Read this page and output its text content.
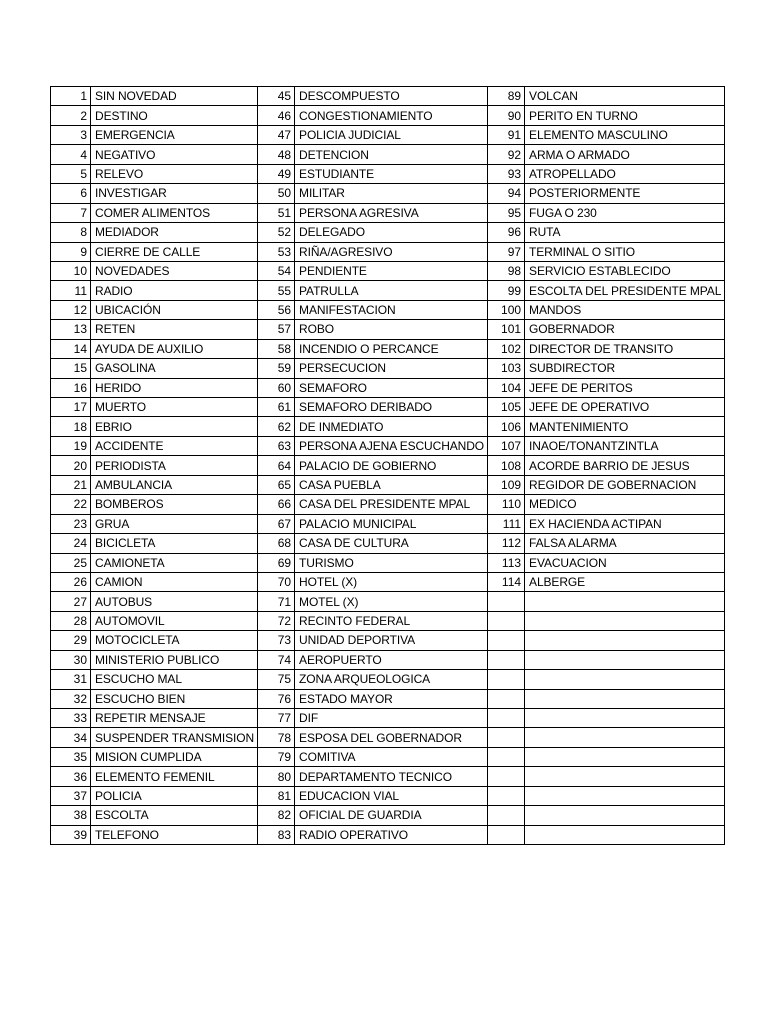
1	SIN NOVEDAD	45	DESCOMPUESTO	89	VOLCAN
2	DESTINO	46	CONGESTIONAMIENTO	90	PERITO EN TURNO
3	EMERGENCIA	47	POLICIA JUDICIAL	91	ELEMENTO MASCULINO
4	NEGATIVO	48	DETENCION	92	ARMA O ARMADO
5	RELEVO	49	ESTUDIANTE	93	ATROPELLADO
6	INVESTIGAR	50	MILITAR	94	POSTERIORMENTE
7	COMER ALIMENTOS	51	PERSONA AGRESIVA	95	FUGA O 230
8	MEDIADOR	52	DELEGADO	96	RUTA
9	CIERRE DE CALLE	53	RIÑA/AGRESIVO	97	TERMINAL O SITIO
10	NOVEDADES	54	PENDIENTE	98	SERVICIO ESTABLECIDO
11	RADIO	55	PATRULLA	99	ESCOLTA DEL PRESIDENTE MPAL
12	UBICACIÓN	56	MANIFESTACION	100	MANDOS
13	RETEN	57	ROBO	101	GOBERNADOR
14	AYUDA DE AUXILIO	58	INCENDIO O PERCANCE	102	DIRECTOR DE TRANSITO
15	GASOLINA	59	PERSECUCION	103	SUBDIRECTOR
16	HERIDO	60	SEMAFORO	104	JEFE DE PERITOS
17	MUERTO	61	SEMAFORO DERIBADO	105	JEFE DE OPERATIVO
18	EBRIO	62	DE INMEDIATO	106	MANTENIMIENTO
19	ACCIDENTE	63	PERSONA AJENA ESCUCHANDO	107	INAOE/TONANTZINTLA
20	PERIODISTA	64	PALACIO DE GOBIERNO	108	ACORDE BARRIO DE JESUS
21	AMBULANCIA	65	CASA PUEBLA	109	REGIDOR DE GOBERNACION
22	BOMBEROS	66	CASA DEL PRESIDENTE MPAL	110	MEDICO
23	GRUA	67	PALACIO MUNICIPAL	111	EX HACIENDA ACTIPAN
24	BICICLETA	68	CASA DE CULTURA	112	FALSA ALARMA
25	CAMIONETA	69	TURISMO	113	EVACUACION
26	CAMION	70	HOTEL (X)	114	ALBERGE
27	AUTOBUS	71	MOTEL (X)		
28	AUTOMOVIL	72	RECINTO FEDERAL		
29	MOTOCICLETA	73	UNIDAD DEPORTIVA		
30	MINISTERIO PUBLICO	74	AEROPUERTO		
31	ESCUCHO MAL	75	ZONA ARQUEOLOGICA		
32	ESCUCHO BIEN	76	ESTADO MAYOR		
33	REPETIR MENSAJE	77	DIF		
34	SUSPENDER TRANSMISION	78	ESPOSA DEL GOBERNADOR		
35	MISION CUMPLIDA	79	COMITIVA		
36	ELEMENTO FEMENIL	80	DEPARTAMENTO TECNICO		
37	POLICIA	81	EDUCACION VIAL		
38	ESCOLTA	82	OFICIAL DE GUARDIA		
39	TELEFONO	83	RADIO OPERATIVO		
